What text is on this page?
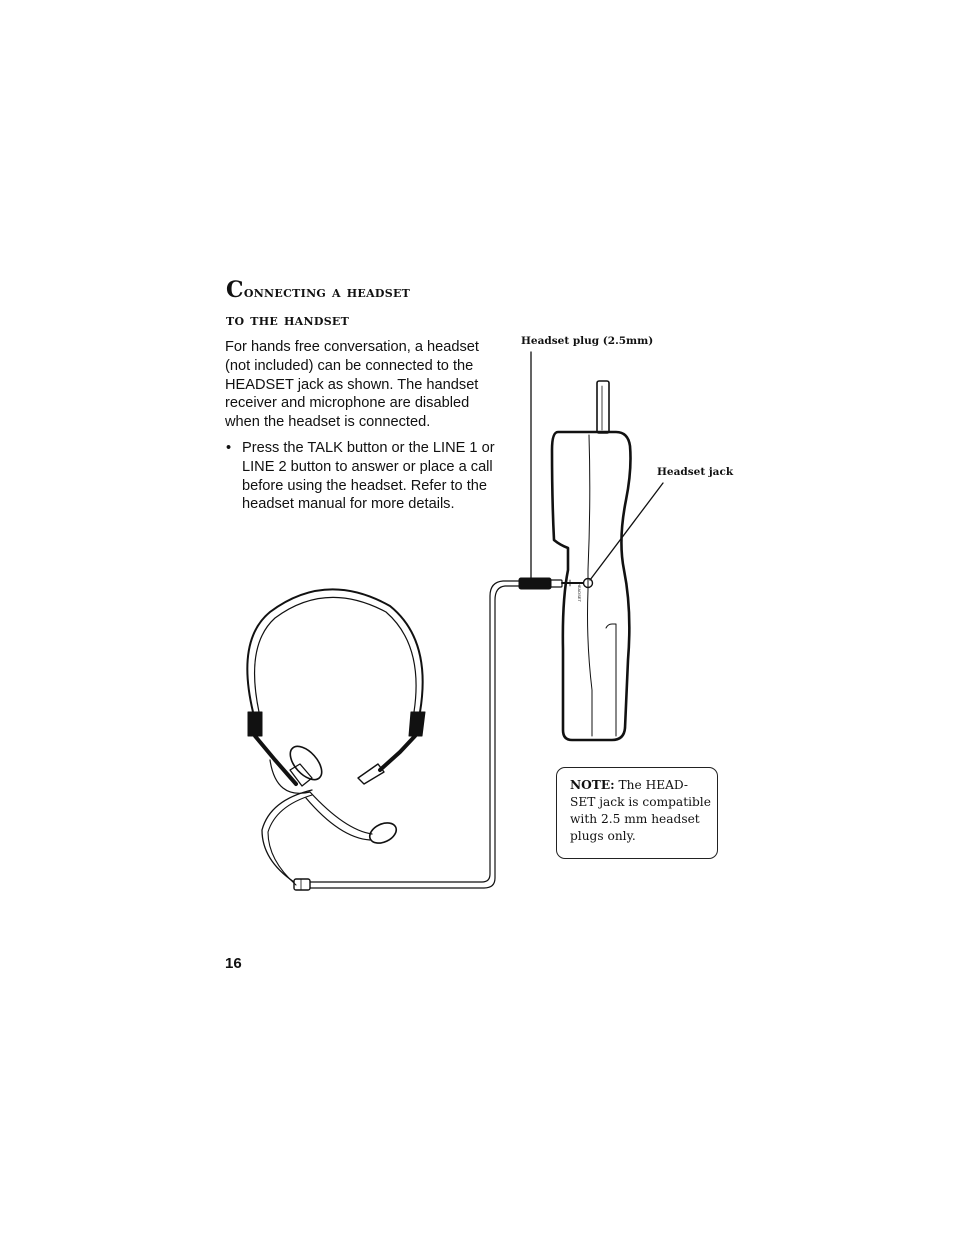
Connecting a headset
to the handset

For hands free conversation, a headset (not included) can be connected to the HEADSET jack as shown. The handset receiver and microphone are disabled when the headset is connected.

• Press the TALK button or the LINE 1 or LINE 2 button to answer or place a call before using the headset. Refer to the headset manual for more details.
HEADSET
Headset plug (2.5mm)
Headset jack
NOTE: The HEAD-SET jack is compatible with 2.5 mm headset plugs only.
16
